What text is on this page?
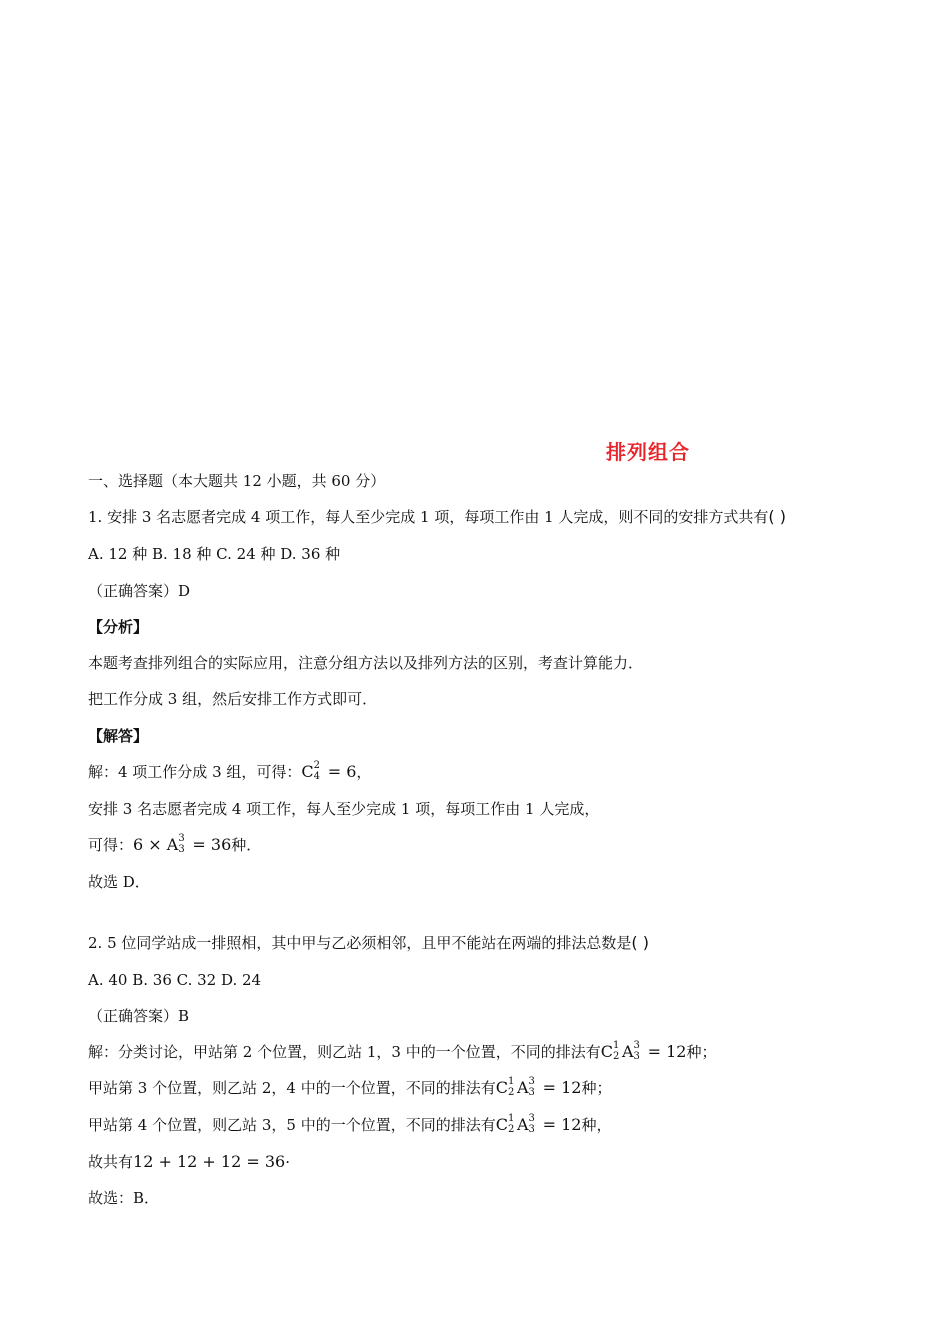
排列组合
一、选择题（本大题共 12 小题，共 60 分）
1. 安排 3 名志愿者完成 4 项工作，每人至少完成 1 项，每项工作由 1 人完成，则不同的安排方式共有( )
A. 12 种 B. 18 种 C. 24 种 D. 36 种
（正确答案）D
【分析】
本题考查排列组合的实际应用，注意分组方法以及排列方法的区别，考查计算能力．
把工作分成 3 组，然后安排工作方式即可．
【解答】
解：4 项工作分成 3 组，可得：C 2
4 = 6，
安排 3 名志愿者完成 4 项工作，每人至少完成 1 项，每项工作由 1 人完成，
可得：6 × A 3
3 = 36种．
故选 D．
2. 5 位同学站成一排照相，其中甲与乙必须相邻，且甲不能站在两端的排法总数是( )
A. 40 B. 36 C. 32 D. 24
（正确答案）B
解：分类讨论，甲站第 2 个位置，则乙站 1，3 中的一个位置，不同的排法有C 1
2 A 3
3 = 12种；
甲站第 3 个位置，则乙站 2，4 中的一个位置，不同的排法有C 1
2 A 3
3 = 12种；
甲站第 4 个位置，则乙站 3，5 中的一个位置，不同的排法有C 1
2 A 3
3 = 12种，
故共有12 + 12 + 12 = 36·
故选：B．
